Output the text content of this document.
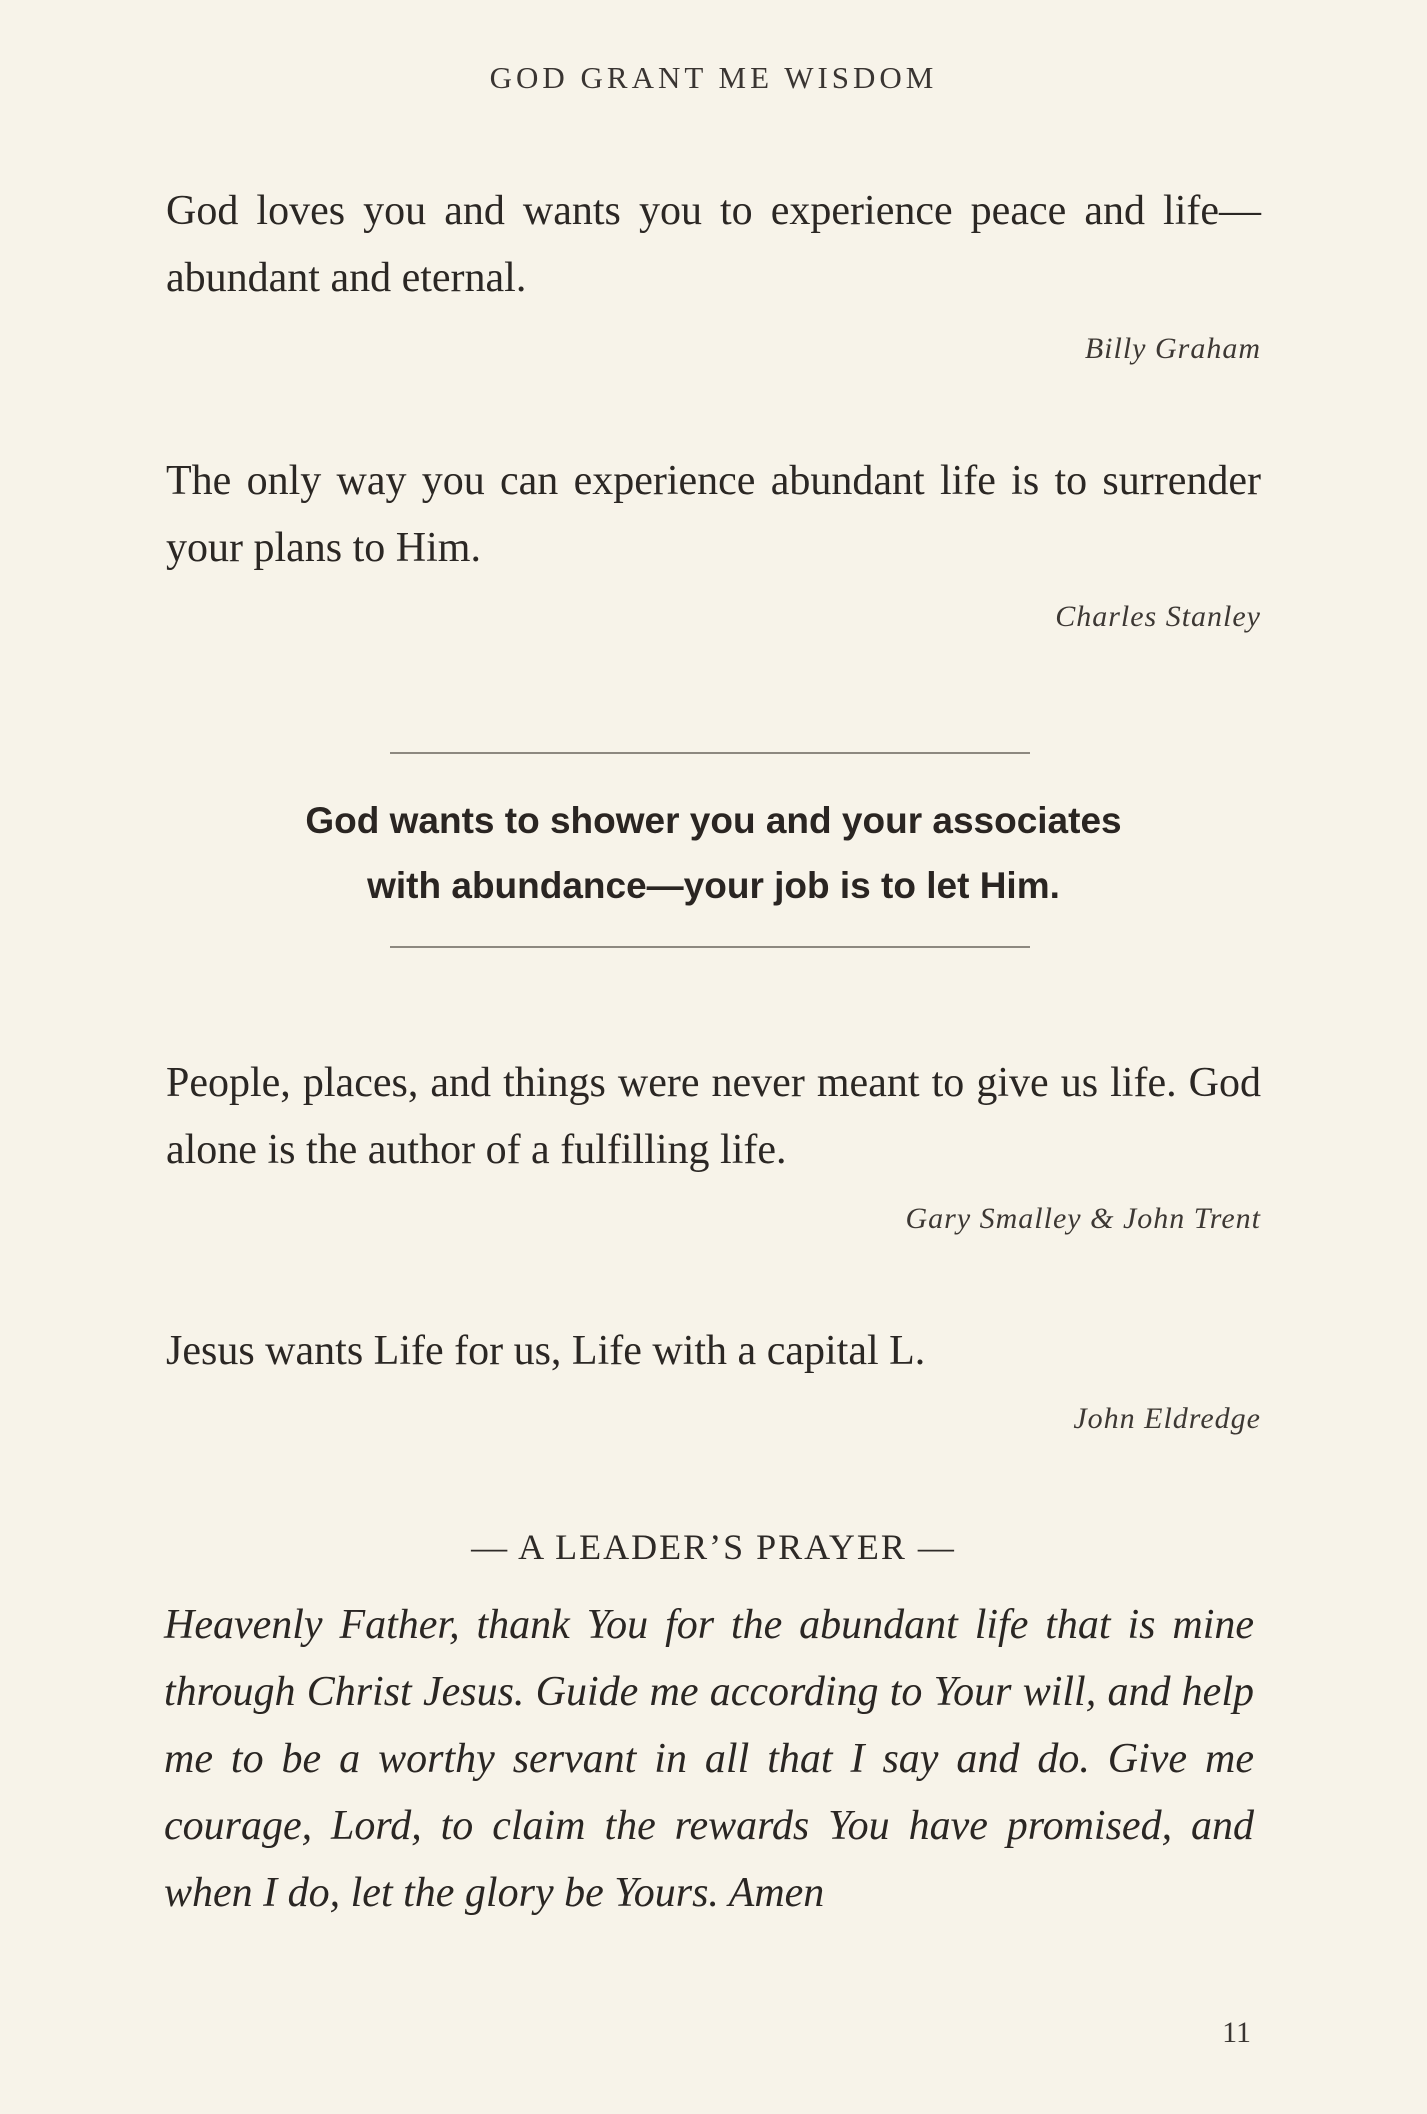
GOD GRANT ME WISDOM
God loves you and wants you to experience peace and life—abundant and eternal.
Billy Graham
The only way you can experience abundant life is to surrender your plans to Him.
Charles Stanley
God wants to shower you and your associates
with abundance—your job is to let Him.
People, places, and things were never meant to give us life. God alone is the author of a fulfilling life.
Gary Smalley & John Trent
Jesus wants Life for us, Life with a capital L.
John Eldredge
— A LEADER’S PRAYER —
Heavenly Father, thank You for the abundant life that is mine through Christ Jesus. Guide me according to Your will, and help me to be a worthy servant in all that I say and do. Give me courage, Lord, to claim the rewards You have promised, and when I do, let the glory be Yours. Amen
11
